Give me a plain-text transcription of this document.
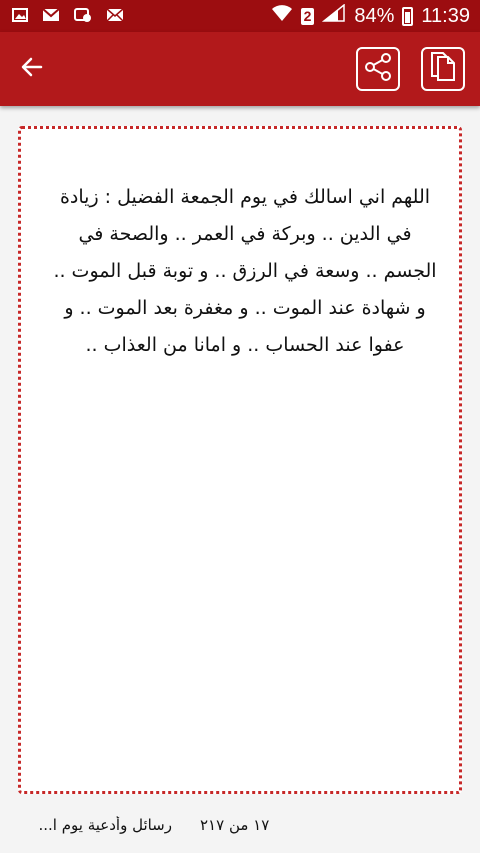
2 84% 11:39
اللهم اني اسالك في يوم الجمعة الفضيل : زيادة في الدين .. وبركة في العمر .. والصحة في الجسم .. وسعة في الرزق .. و توبة قبل الموت .. و شهادة عند الموت .. و مغفرة بعد الموت .. و عفوا عند الحساب .. و امانا من العذاب ..
رسائل وأدعية يوم ا... ١٧ من ٢١٧
